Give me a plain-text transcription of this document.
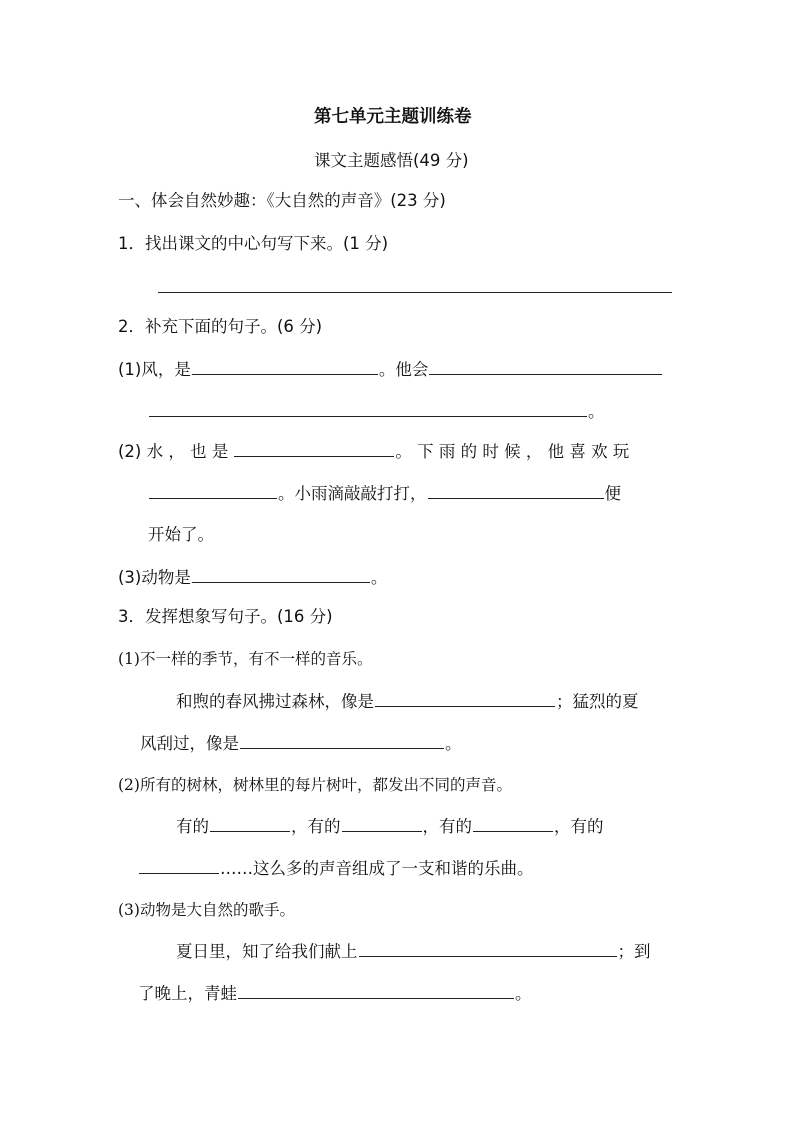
第七单元主题训练卷
课文主题感悟(49 分)
一、体会自然妙趣：《大自然的声音》(23 分)
1．找出课文的中心句写下来。(1 分)
2．补充下面的句子。(6 分)
(1)风，是	。他会
。
(2) 水 ， 也 是	。 下 雨 的 时 候 ， 他 喜 欢 玩
。小雨滴敲敲打打，	便
开始了。
(3)动物是	。
3．发挥想象写句子。(16 分)
(1)不一样的季节，有不一样的音乐。
和煦的春风拂过森林，像是	；猛烈的夏
风刮过，像是	。
(2)所有的树林，树林里的每片树叶，都发出不同的声音。
有的	，有的	，有的	，有的
……这么多的声音组成了一支和谐的乐曲。
(3)动物是大自然的歌手。
夏日里，知了给我们献上	；到
了晚上，青蛙	。
